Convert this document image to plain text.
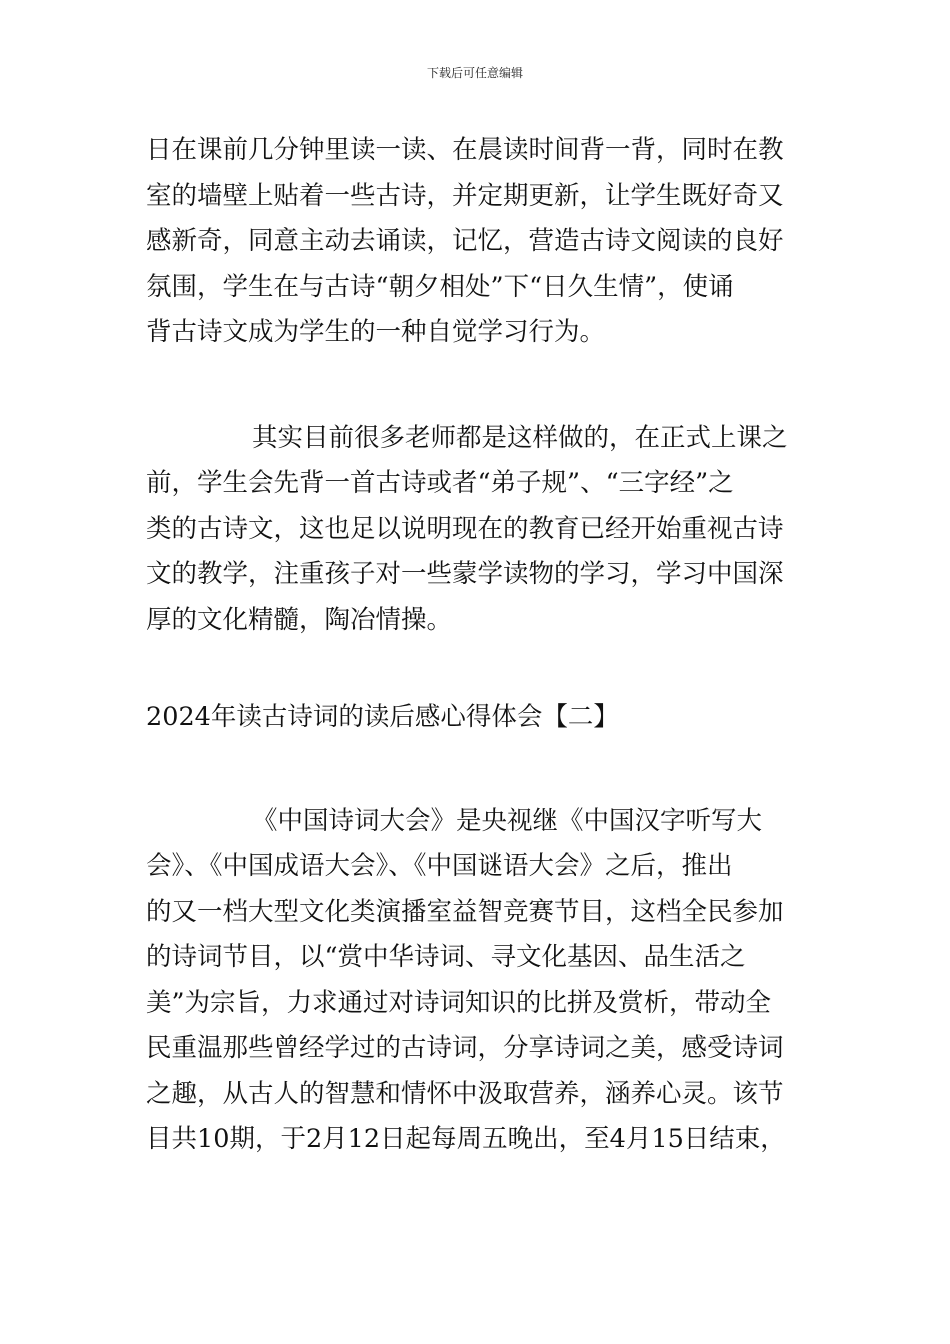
下载后可任意编辑
日在课前几分钟里读一读、在晨读时间背一背，同时在教
室的墙壁上贴着一些古诗，并定期更新，让学生既好奇又
感新奇，同意主动去诵读，记忆，营造古诗文阅读的良好
氛围，学生在与古诗“朝夕相处”下“日久生情”，使诵
背古诗文成为学生的一种自觉学习行为。
其实目前很多老师都是这样做的，在正式上课之
前，学生会先背一首古诗或者“弟子规”、“三字经”之
类的古诗文，这也足以说明现在的教育已经开始重视古诗
文的教学，注重孩子对一些蒙学读物的学习，学习中国深
厚的文化精髓，陶冶情操。
2024年读古诗词的读后感心得体会【二】
《中国诗词大会》是央视继《中国汉字听写大
会》、《中国成语大会》、《中国谜语大会》之后，推出
的又一档大型文化类演播室益智竞赛节目，这档全民参加
的诗词节目，以“赏中华诗词、寻文化基因、品生活之
美”为宗旨，力求通过对诗词知识的比拼及赏析，带动全
民重温那些曾经学过的古诗词，分享诗词之美，感受诗词
之趣，从古人的智慧和情怀中汲取营养，涵养心灵。该节
目共10期，于2月12日起每周五晚出，至4月15日结束，
